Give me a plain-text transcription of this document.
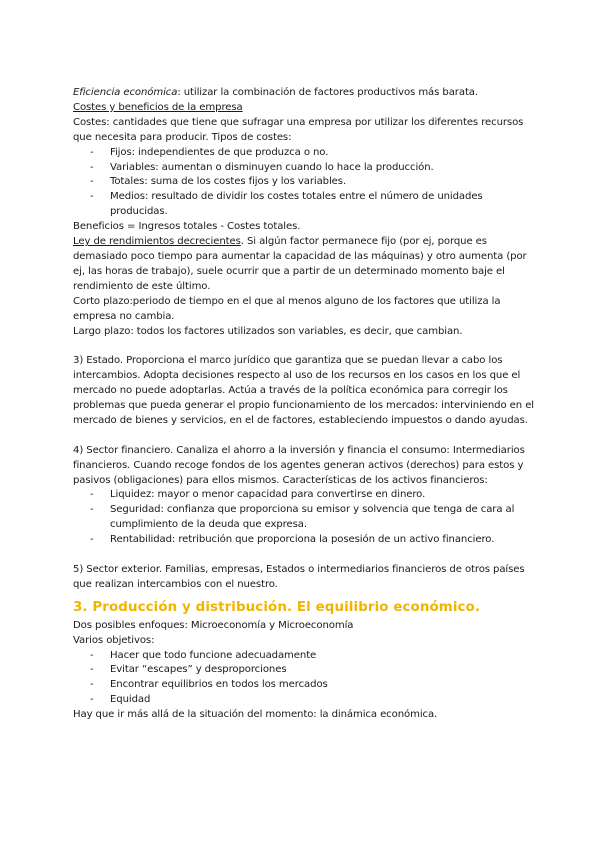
Eficiencia económica: utilizar la combinación de factores productivos más barata.

Costes y beneficios de la empresa

Costes: cantidades que tiene que sufragar una empresa por utilizar los diferentes recursos que necesita para producir. Tipos de costes:

- Fijos: independientes de que produzca o no.
- Variables: aumentan o disminuyen cuando lo hace la producción.
- Totales: suma de los costes fijos y los variables.
- Medios: resultado de dividir los costes totales entre el número de unidades producidas.

Beneficios = Ingresos totales - Costes totales.

Ley de rendimientos decrecientes. Si algún factor permanece fijo (por ej, porque es demasiado poco tiempo para aumentar la capacidad de las máquinas) y otro aumenta (por ej, las horas de trabajo), suele ocurrir que a partir de un determinado momento baje el rendimiento de este último.

Corto plazo:periodo de tiempo en el que al menos alguno de los factores que utiliza la empresa no cambia.

Largo plazo: todos los factores utilizados son variables, es decir, que cambian.

3) Estado. Proporciona el marco jurídico que garantiza que se puedan llevar a cabo los intercambios. Adopta decisiones respecto al uso de los recursos en los casos en los que el mercado no puede adoptarlas. Actúa a través de la política económica para corregir los problemas que pueda generar el propio funcionamiento de los mercados: interviniendo en el mercado de bienes y servicios, en el de factores, estableciendo impuestos o dando ayudas.

4) Sector financiero. Canaliza el ahorro a la inversión y financia el consumo: Intermediarios financieros. Cuando recoge fondos de los agentes generan activos (derechos) para estos y pasivos (obligaciones) para ellos mismos. Características de los activos financieros:

- Liquidez: mayor o menor capacidad para convertirse en dinero.
- Seguridad: confianza que proporciona su emisor y solvencia que tenga de cara al cumplimiento de la deuda que expresa.
- Rentabilidad: retribución que proporciona la posesión de un activo financiero.

5) Sector exterior. Familias, empresas, Estados o intermediarios financieros de otros países que realizan intercambios con el nuestro.

3. Producción y distribución. El equilibrio económico.

Dos posibles enfoques: Microeconomía y Microeconomía

Varios objetivos:

- Hacer que todo funcione adecuadamente
- Evitar “escapes” y desproporciones
- Encontrar equilibrios en todos los mercados
- Equidad

Hay que ir más allá de la situación del momento: la dinámica económica.
